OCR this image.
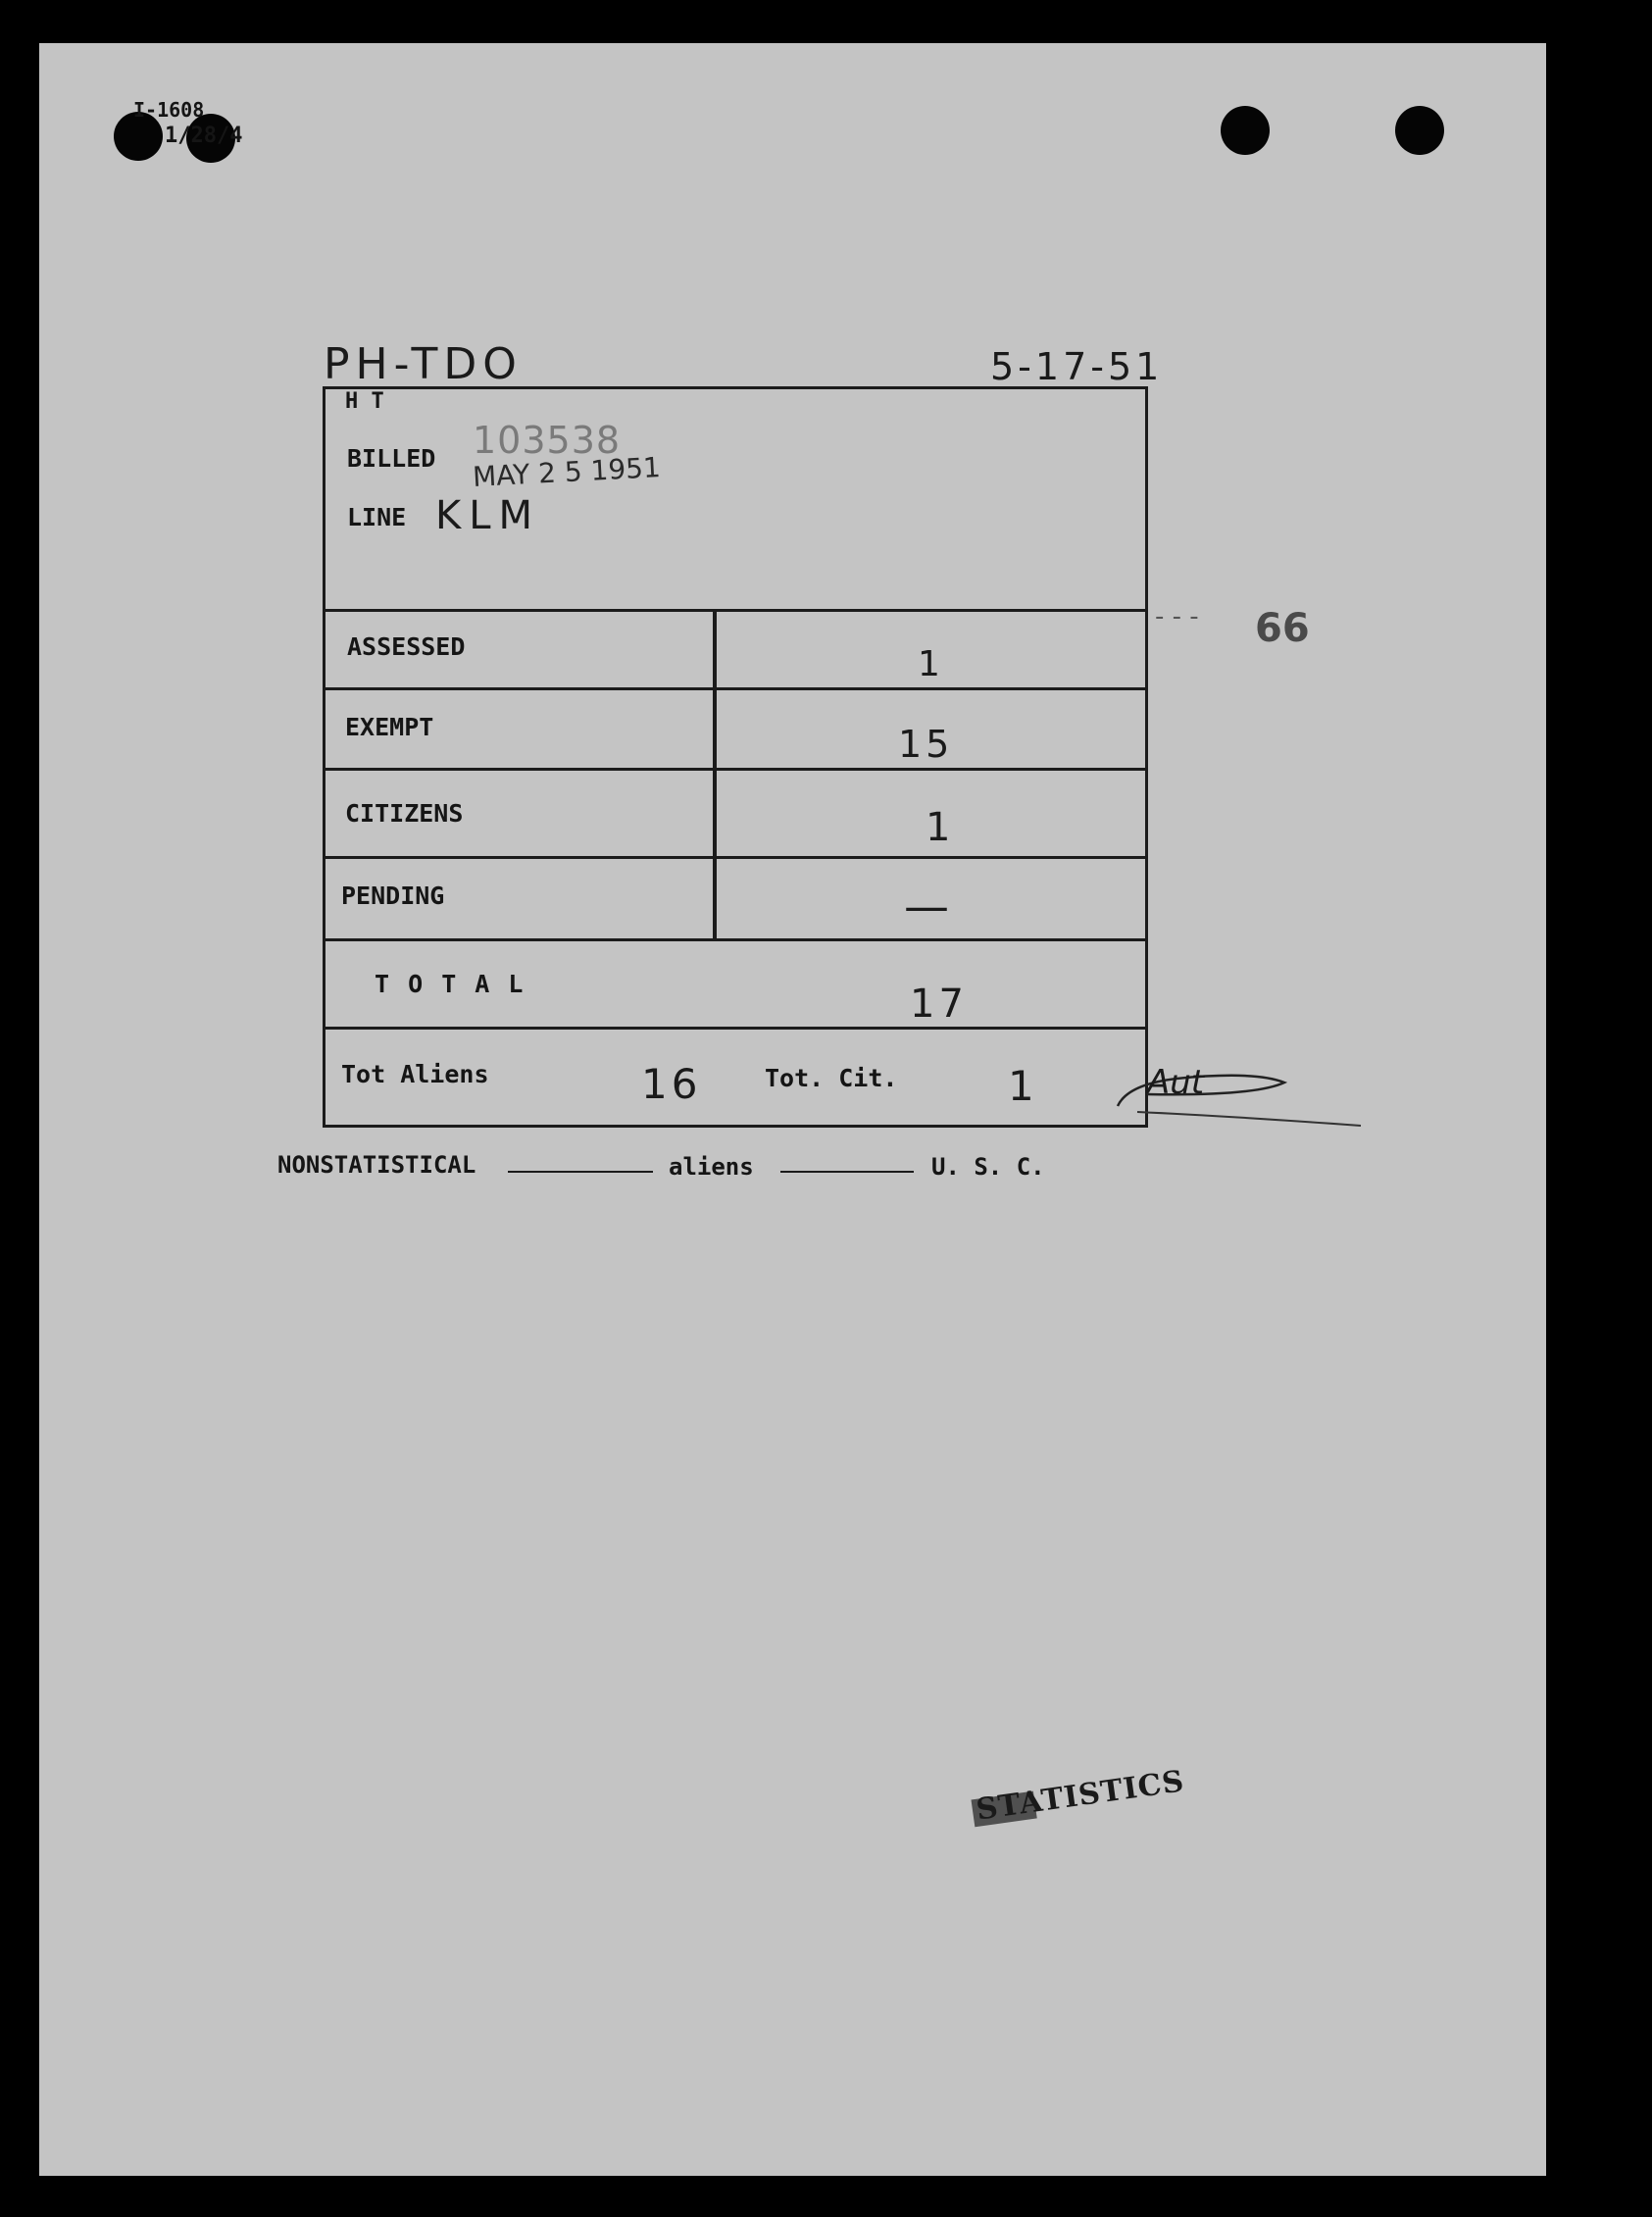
I-1608
1/28/4
PH-TDO	5-17-51
H T
BILLED 103538
MAY 2 5 1951
LINE KLM
ASSESSED	1
EXEMPT	15
CITIZENS	1
PENDING	—
T O T A L	17
Tot Aliens	16	Tot. Cit.	1
- - - 66
Aut
NONSTATISTICAL	aliens	U. S. C.
STATISTICS
